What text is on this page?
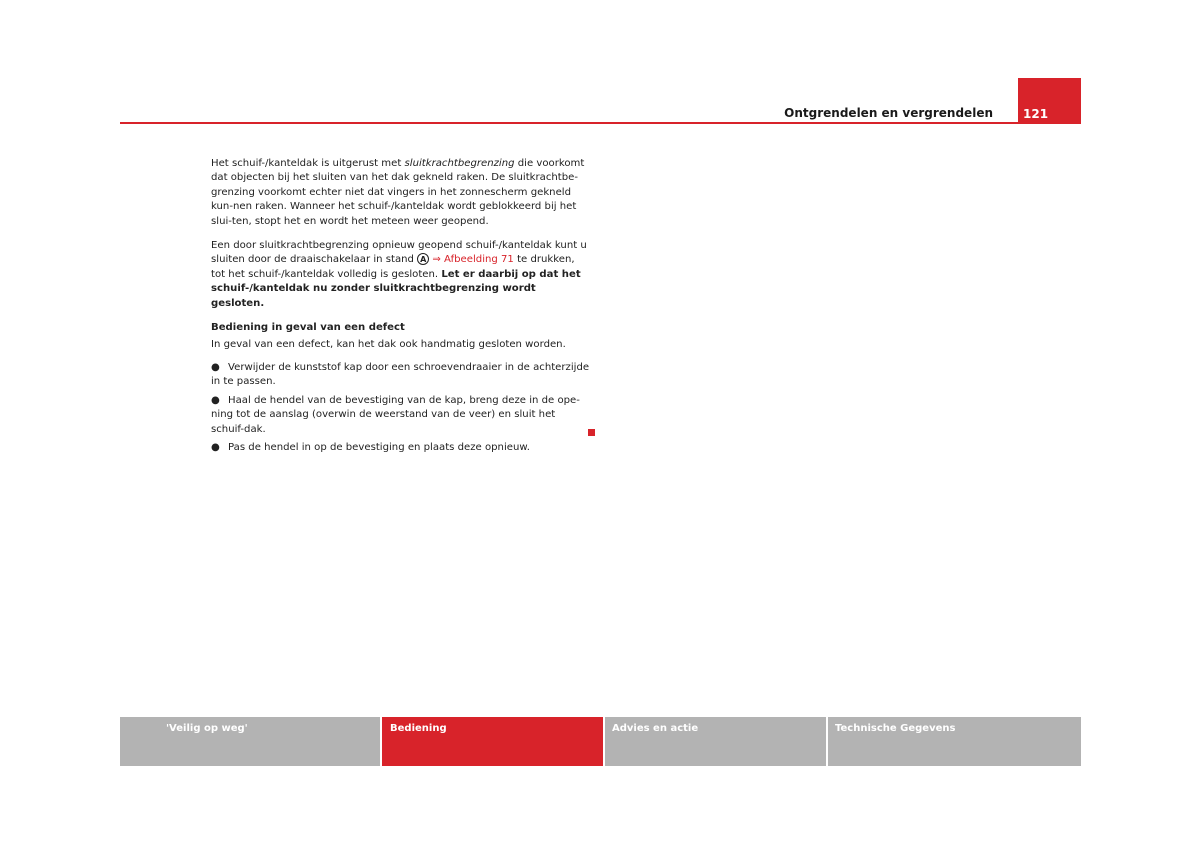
Ontgrendelen en vergrendelen	121

Het schuif-/kanteldak is uitgerust met sluitkrachtbegrenzing die voorkomt dat objecten bij het sluiten van het dak gekneld raken. De sluitkrachtbe-grenzing voorkomt echter niet dat vingers in het zonnescherm gekneld kun-nen raken. Wanneer het schuif-/kanteldak wordt geblokkeerd bij het slui-ten, stopt het en wordt het meteen weer geopend.

Een door sluitkrachtbegrenzing opnieuw geopend schuif-/kanteldak kunt u sluiten door de draaischakelaar in stand A ⇒ Afbeelding 71 te drukken, tot het schuif-/kanteldak volledig is gesloten. Let er daarbij op dat het schuif-/kanteldak nu zonder sluitkrachtbegrenzing wordt gesloten.

Bediening in geval van een defect

In geval van een defect, kan het dak ook handmatig gesloten worden.

● Verwijder de kunststof kap door een schroevendraaier in de achterzijde in te passen.
● Haal de hendel van de bevestiging van de kap, breng deze in de ope-ning tot de aanslag (overwin de weerstand van de veer) en sluit het schuif-dak.
● Pas de hendel in op de bevestiging en plaats deze opnieuw.
'Veilig op weg'	Bediening	Advies en actie	Technische Gegevens
